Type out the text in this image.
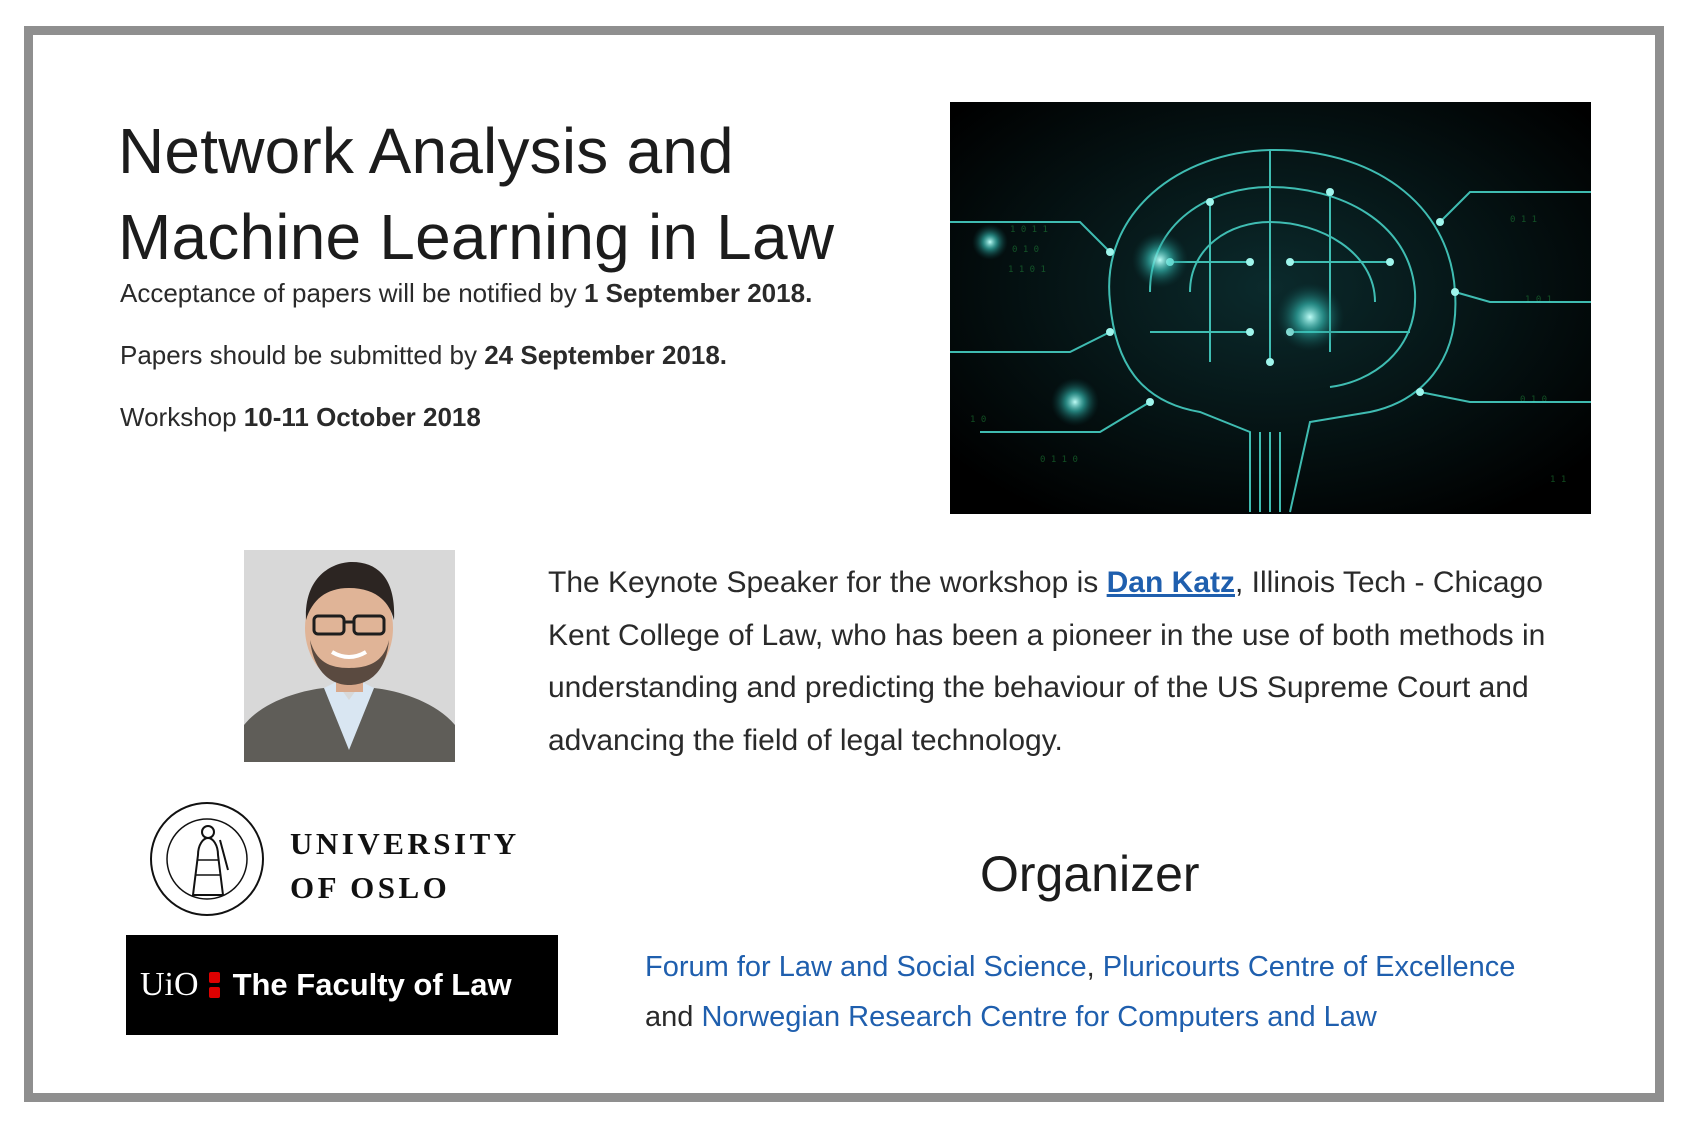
Network Analysis and
Machine Learning in Law
Acceptance of papers will be notified by 1 September 2018.
Papers should be submitted by 24 September 2018.
Workshop 10-11 October 2018
1 0 1 1
0 1 0
1 1 0 1
0 1 1
1 0 1
0 1 0
1 0
1 1
0 1 1 0
The Keynote Speaker for the workshop is Dan Katz, Illinois Tech - Chicago Kent College of Law, who has been a pioneer in the use of both methods in understanding and predicting the behaviour of the US Supreme Court and advancing the field of legal technology.
UNIVERSITY
OF OSLO
UiO The Faculty of Law
Organizer
Forum for Law and Social Science, Pluricourts Centre of Excellence
and Norwegian Research Centre for Computers and Law
